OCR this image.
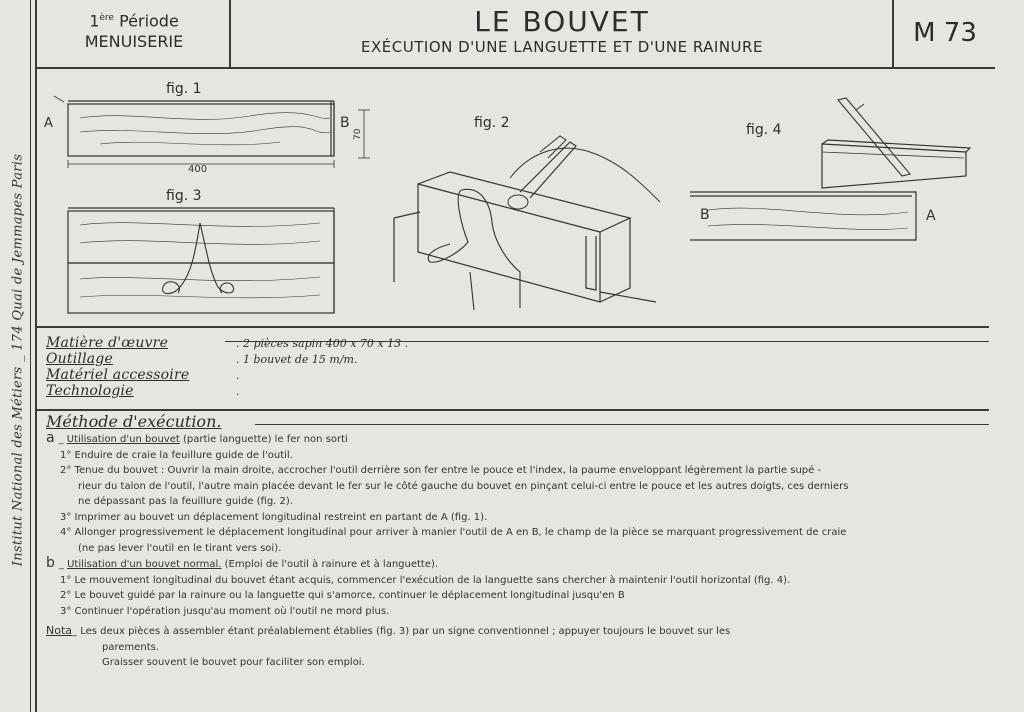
Institut National des Métiers _ 174 Quai de Jemmapes Paris
1ère Période
MENUISERIE
LE BOUVET
EXÉCUTION D'UNE LANGUETTE ET D'UNE RAINURE	M 73
fig. 1
A	B
400
70
fig. 3
fig. 2	fig. 4
B	A
Matière d'œuvre	. 2 pièces sapin 400 x 70 x 13 .
Outillage	. 1 bouvet de 15 m/m.
Matériel accessoire	.
Technologie	.
Méthode d'exécution.
a _ Utilisation d'un bouvet (partie languette) le fer non sorti
1° Enduire de craie la feuillure guide de l'outil.
2° Tenue du bouvet : Ouvrir la main droite, accrocher l'outil derrière son fer entre le pouce et l'index, la paume enveloppant légèrement la partie supé -
rieur du talon de l'outil, l'autre main placée devant le fer sur le côté gauche du bouvet en pinçant celui-ci entre le pouce et les autres doigts, ces derniers
ne dépassant pas la feuillure guide (fig. 2).
3° Imprimer au bouvet un déplacement longitudinal restreint en partant de A (fig. 1).
4° Allonger progressivement le déplacement longitudinal pour arriver à manier l'outil de A en B, le champ de la pièce se marquant progressivement de craie
(ne pas lever l'outil en le tirant vers soi).
b _ Utilisation d'un bouvet normal. (Emploi de l'outil à rainure et à languette).
1° Le mouvement longitudinal du bouvet étant acquis, commencer l'exécution de la languette sans chercher à maintenir l'outil horizontal (fig. 4).
2° Le bouvet guidé par la rainure ou la languette qui s'amorce, continuer le déplacement longitudinal jusqu'en B
3° Continuer l'opération jusqu'au moment où l'outil ne mord plus.
Nota_ Les deux pièces à assembler étant préalablement établies (fig. 3) par un signe conventionnel ; appuyer toujours le bouvet sur les
parements.
Graisser souvent le bouvet pour faciliter son emploi.
